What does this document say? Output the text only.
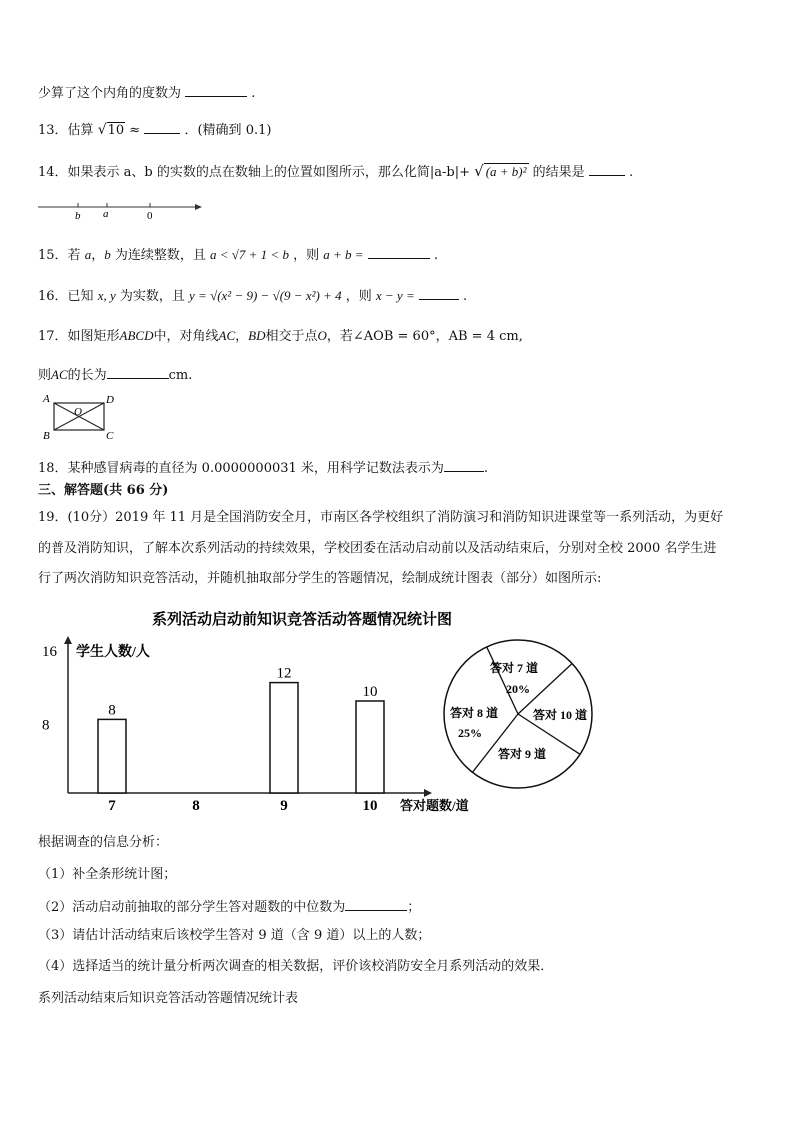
少算了这个内角的度数为	.
13．估算 √10 ≈	．(精确到 0.1)
14．如果表示 a、b 的实数的点在数轴上的位置如图所示，那么化简|a-b|+ √ (a + b)² 的结果是	.
b a	0
15．若 a，b 为连续整数，且 a < √7 + 1 < b ，则 a + b =	.
16．已知 x, y 为实数，且 y = √(x² − 9) − √(9 − x²) + 4 ，则 x − y =	.
17．如图矩形ABCD中，对角线AC，BD相交于点O，若∠AOB = 60°，AB = 4 cm,
则AC的长为	cm.
A	D
O
B	C
18．某种感冒病毒的直径为 0.0000000031 米，用科学记数法表示为	.
三、解答题(共 66 分)
19．(10分）2019 年 11 月是全国消防安全月，市南区各学校组织了消防演习和消防知识进课堂等一系列活动，为更好
的普及消防知识，了解本次系列活动的持续效果，学校团委在活动启动前以及活动结束后，分别对全校 2000 名学生进
行了两次消防知识竞答活动，并随机抽取部分学生的答题情况，绘制成统计图表（部分）如图所示:
系列活动启动前知识竞答活动答题情况统计图
学生人数/人
答对题数/道
16
8
8
7	8
12
9
10
10
答对 7 道
20%
答对 10 道
答对 9 道
答对 8 道
25%
根据调查的信息分析：
（1）补全条形统计图；
（2）活动启动前抽取的部分学生答对题数的中位数为	；
（3）请估计活动结束后该校学生答对 9 道（含 9 道）以上的人数；
（4）选择适当的统计量分析两次调查的相关数据，评价该校消防安全月系列活动的效果．
系列活动结束后知识竞答活动答题情况统计表
